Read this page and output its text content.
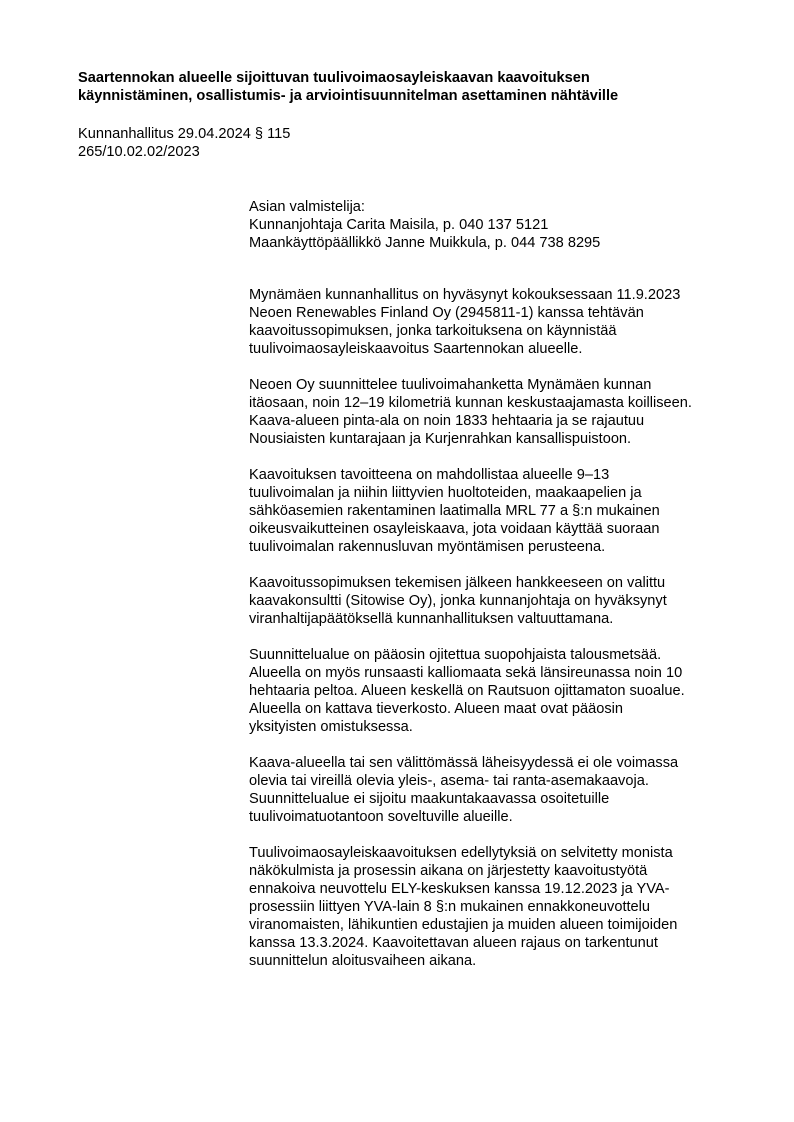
Saartennokan alueelle sijoittuvan tuulivoimaosayleiskaavan kaavoituksen
käynnistäminen, osallistumis- ja arviointisuunnitelman asettaminen nähtäville
Kunnanhallitus 29.04.2024 § 115
265/10.02.02/2023
Asian valmistelija:
Kunnanjohtaja Carita Maisila, p. 040 137 5121
Maankäyttöpäällikkö Janne Muikkula, p. 044 738 8295
Mynämäen kunnanhallitus on hyväsynyt kokouksessaan 11.9.2023
Neoen Renewables Finland Oy (2945811-1) kanssa tehtävän
kaavoitussopimuksen, jonka tarkoituksena on käynnistää
tuulivoimaosayleiskaavoitus Saartennokan alueelle.
Neoen Oy suunnittelee tuulivoimahanketta Mynämäen kunnan
itäosaan, noin 12–19 kilometriä kunnan keskustaajamasta koilliseen.
Kaava-alueen pinta-ala on noin 1833 hehtaaria ja se rajautuu
Nousiaisten kuntarajaan ja Kurjenrahkan kansallispuistoon.
Kaavoituksen tavoitteena on mahdollistaa alueelle 9–13
tuulivoimalan ja niihin liittyvien huoltoteiden, maakaapelien ja
sähköasemien rakentaminen laatimalla MRL 77 a §:n mukainen
oikeusvaikutteinen osayleiskaava, jota voidaan käyttää suoraan
tuulivoimalan rakennusluvan myöntämisen perusteena.
Kaavoitussopimuksen tekemisen jälkeen hankkeeseen on valittu
kaavakonsultti (Sitowise Oy), jonka kunnanjohtaja on hyväksynyt
viranhaltijapäätöksellä kunnanhallituksen valtuuttamana.
Suunnittelualue on pääosin ojitettua suopohjaista talousmetsää.
Alueella on myös runsaasti kalliomaata sekä länsireunassa noin 10
hehtaaria peltoa. Alueen keskellä on Rautsuon ojittamaton suoalue.
Alueella on kattava tieverkosto. Alueen maat ovat pääosin
yksityisten omistuksessa.
Kaava-alueella tai sen välittömässä läheisyydessä ei ole voimassa
olevia tai vireillä olevia yleis-, asema- tai ranta-asemakaavoja.
Suunnittelualue ei sijoitu maakuntakaavassa osoitetuille
tuulivoimatuotantoon soveltuville alueille.
Tuulivoimaosayleiskaavoituksen edellytyksiä on selvitetty monista
näkökulmista ja prosessin aikana on järjestetty kaavoitustyötä
ennakoiva neuvottelu ELY-keskuksen kanssa 19.12.2023 ja YVA-
prosessiin liittyen YVA-lain 8 §:n mukainen ennakkoneuvottelu
viranomaisten, lähikuntien edustajien ja muiden alueen toimijoiden
kanssa 13.3.2024. Kaavoitettavan alueen rajaus on tarkentunut
suunnittelun aloitusvaiheen aikana.
